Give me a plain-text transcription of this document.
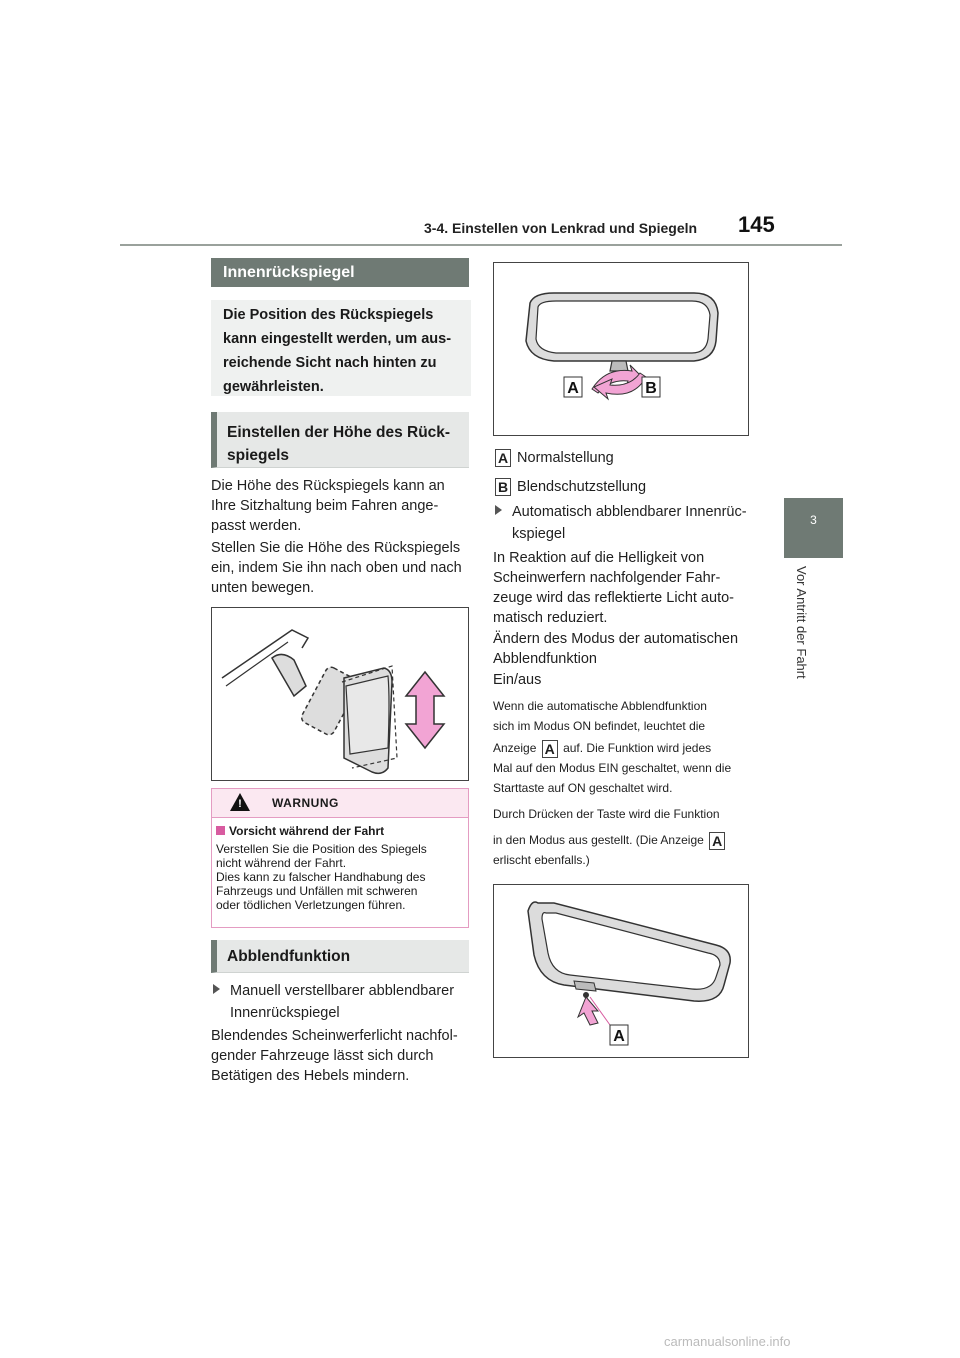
3-4. Einstellen von Lenkrad und Spiegeln 145
3
Vor Antritt der Fahrt
Innenrückspiegel

Die Position des Rückspiegels

kann eingestellt werden, um aus-

reichende Sicht nach hinten zu

gewährleisten.

Einstellen der Höhe des Rück-

spiegels

Die Höhe des Rückspiegels kann an

Ihre Sitzhaltung beim Fahren ange-

passt werden.

Stellen Sie die Höhe des Rückspiegels

ein, indem Sie ihn nach oben und nach

unten bewegen.

!	WARNUNG

Vorsicht während der Fahrt

Verstellen Sie die Position des Spiegels

nicht während der Fahrt.

Dies kann zu falscher Handhabung des

Fahrzeugs und Unfällen mit schweren

oder tödlichen Verletzungen führen.

Abblendfunktion

Manuell verstellbarer abblendbarer

Innenrückspiegel

Blendendes Scheinwerferlicht nachfol-

gender Fahrzeuge lässt sich durch

Betätigen des Hebels mindern.

A	B

A Normalstellung

B Blendschutzstellung

Automatisch abblendbarer Innenrüc-

kspiegel

In Reaktion auf die Helligkeit von

Scheinwerfern nachfolgender Fahr-

zeuge wird das reflektierte Licht auto-

matisch reduziert.

Ändern des Modus der automatischen

Abblendfunktion

Ein/aus

Wenn die automatische Abblendfunktion

sich im Modus ON befindet, leuchtet die

Anzeige A auf. Die Funktion wird jedes

Mal auf den Modus EIN geschaltet, wenn die

Starttaste auf ON geschaltet wird.

Durch Drücken der Taste wird die Funktion

in den Modus aus gestellt. (Die Anzeige A

erlischt ebenfalls.)

A
carmanualsonline.info
